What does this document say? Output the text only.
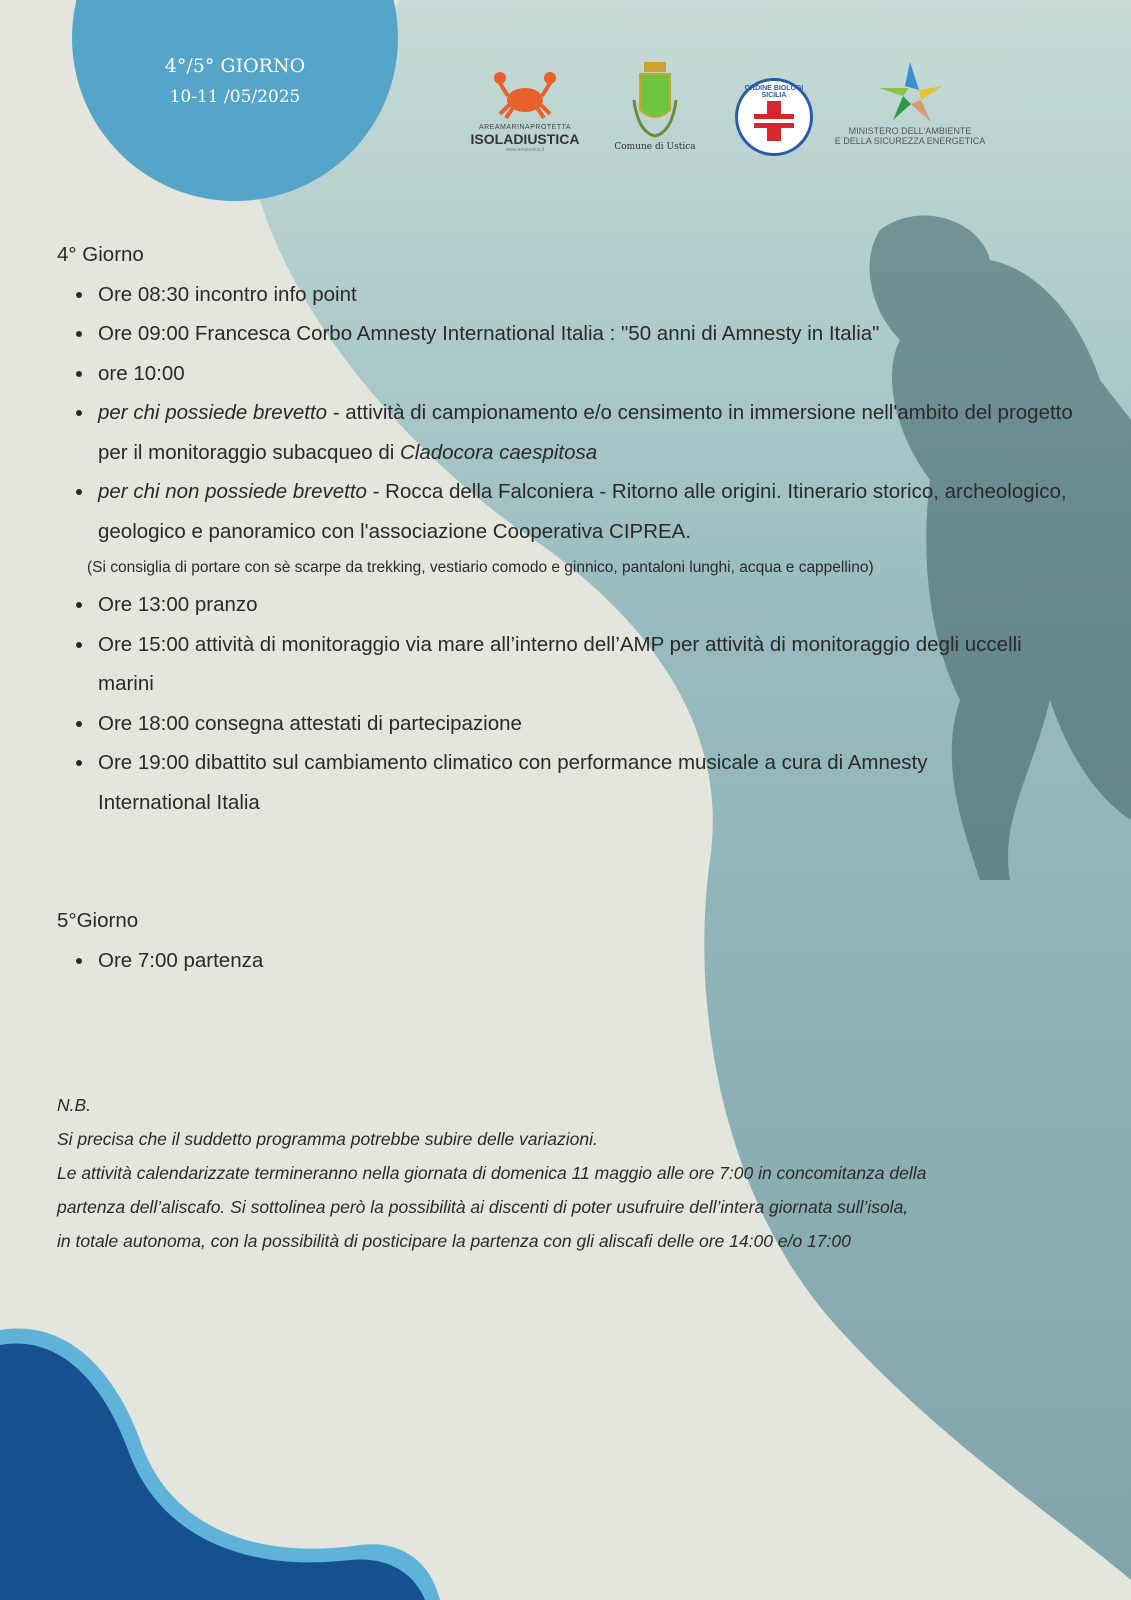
4°/5° GIORNO
10-11 /05/2025
AREAMARINAPROTETTA
ISOLADIUSTICA
www.ampustica.it	Comune di Ustica
ORDINE BIOLOGI SICILIA
MINISTERO DELL'AMBIENTE
E DELLA SICUREZZA ENERGETICA
4° Giorno
Ore 08:30 incontro info point
Ore 09:00 Francesca Corbo Amnesty International Italia : "50 anni di Amnesty in Italia"
ore 10:00
per chi possiede brevetto - attività di campionamento e/o censimento in immersione nell'ambito del progetto per il monitoraggio subacqueo di Cladocora caespitosa
per chi non possiede brevetto - Rocca della Falconiera - Ritorno alle origini. Itinerario storico, archeologico, geologico e panoramico con l'associazione Cooperativa CIPREA.
(Si consiglia di portare con sè scarpe da trekking, vestiario comodo e ginnico, pantaloni lunghi, acqua e cappellino)
Ore 13:00 pranzo
Ore 15:00 attività di monitoraggio via mare all’interno dell’AMP per attività di monitoraggio degli uccelli marini
Ore 18:00 consegna attestati di partecipazione
Ore 19:00 dibattito sul cambiamento climatico con performance musicale a cura di Amnesty International Italia
5°Giorno
Ore 7:00 partenza
N.B.
Si precisa che il suddetto programma potrebbe subire delle variazioni.
Le attività calendarizzate termineranno nella giornata di domenica 11 maggio alle ore 7:00 in concomitanza della
partenza dell’aliscafo. Si sottolinea però la possibilità ai discenti di poter usufruire dell’intera giornata sull’isola,
in totale autonoma, con la possibilità di posticipare la partenza con gli aliscafi delle ore 14:00 e/o 17:00
